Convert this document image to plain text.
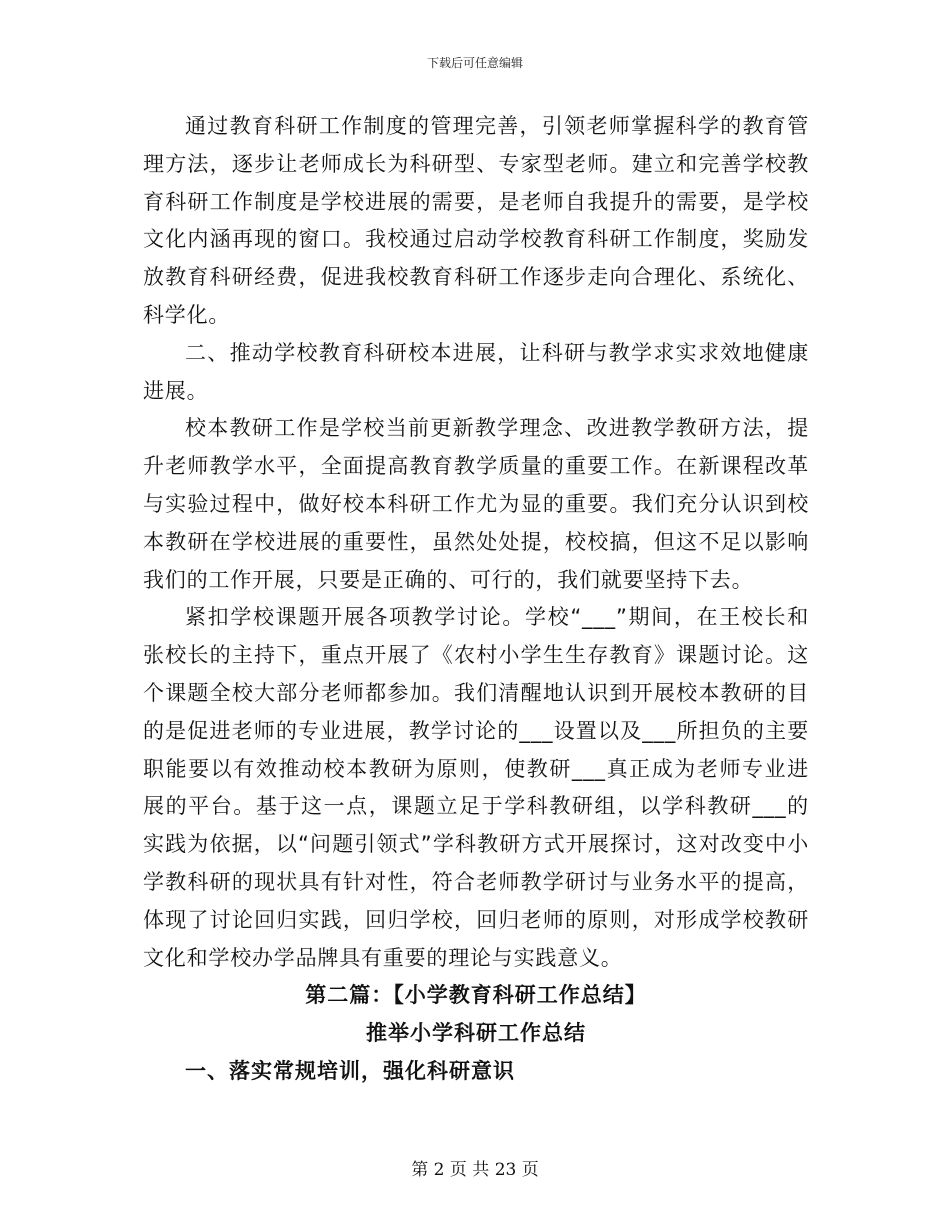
下载后可任意编辑

通过教育科研工作制度的管理完善，引领老师掌握科学的教育管理方法，逐步让老师成长为科研型、专家型老师。建立和完善学校教育科研工作制度是学校进展的需要，是老师自我提升的需要，是学校文化内涵再现的窗口。我校通过启动学校教育科研工作制度，奖励发放教育科研经费，促进我校教育科研工作逐步走向合理化、系统化、科学化。

二、推动学校教育科研校本进展，让科研与教学求实求效地健康进展。

校本教研工作是学校当前更新教学理念、改进教学教研方法，提升老师教学水平，全面提高教育教学质量的重要工作。在新课程改革与实验过程中，做好校本科研工作尤为显的重要。我们充分认识到校本教研在学校进展的重要性，虽然处处提，校校搞，但这不足以影响我们的工作开展，只要是正确的、可行的，我们就要坚持下去。

紧扣学校课题开展各项教学讨论。学校“___”期间，在王校长和张校长的主持下，重点开展了《农村小学生生存教育》课题讨论。这个课题全校大部分老师都参加。我们清醒地认识到开展校本教研的目的是促进老师的专业进展，教学讨论的___设置以及___所担负的主要职能要以有效推动校本教研为原则，使教研___真正成为老师专业进展的平台。基于这一点，课题立足于学科教研组，以学科教研___的实践为依据，以“问题引领式”学科教研方式开展探讨，这对改变中小学教科研的现状具有针对性，符合老师教学研讨与业务水平的提高，体现了讨论回归实践，回归学校，回归老师的原则，对形成学校教研文化和学校办学品牌具有重要的理论与实践意义。

第二篇：【小学教育科研工作总结】

推举小学科研工作总结

一、落实常规培训，强化科研意识

第 2 页 共 23 页
